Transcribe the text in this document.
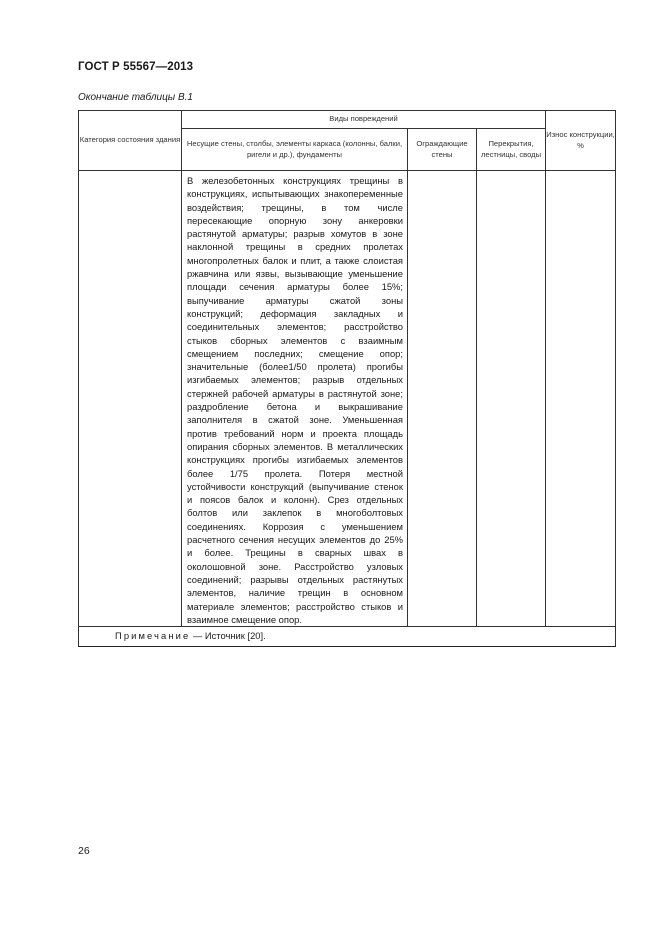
ГОСТ Р 55567—2013
Окончание таблицы В.1
Категория состояния здания	Виды повреждений			Износ конструкции, %
	Несущие стены, столбы, элементы каркаса (колонны, балки, ригели и др.), фундаменты	Ограждающие стены	Перекрытия, лестницы, своды	
	В железобетонных конструкциях трещины в конструкциях, испытывающих знакопеременные воздействия; трещины, в том числе пересекающие опорную зону анкеровки растянутой арматуры; разрыв хомутов в зоне наклонной трещины в средних пролетах многопролетных балок и плит, а также слоистая ржавчина или язвы, вызывающие уменьшение площади сечения арматуры более 15%; выпучивание арматуры сжатой зоны конструкций; деформация закладных и соединительных элементов; расстройство стыков сборных элементов с взаимным смещением последних; смещение опор; значительные (более1/50 пролета) прогибы изгибаемых элементов; разрыв отдельных стержней рабочей арматуры в растянутой зоне; раздробление бетона и выкрашивание заполнителя в сжатой зоне. Уменьшенная против требований норм и проекта площадь опирания сборных элементов. В металлических конструкциях прогибы изгибаемых элементов более 1/75 пролета. Потеря местной устойчивости конструкций (выпучивание стенок и поясов балок и колонн). Срез отдельных болтов или заклепок в многоболтовых соединениях. Коррозия с уменьшением расчетного сечения несущих элементов до 25% и более. Трещины в сварных швах в околошовной зоне. Расстройство узловых соединений; разрывы отдельных растянутых элементов, наличие трещин в основном материале элементов; расстройство стыков и взаимное смещение опор.			
Примечание — Источник [20].				
26
